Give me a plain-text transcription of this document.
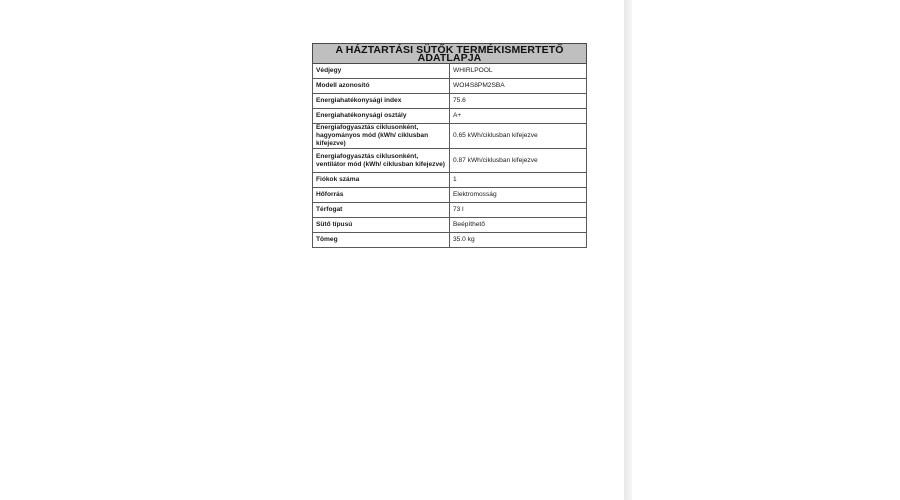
A HÁZTARTÁSI SÜTŐK TERMÉKISMERTETŐ ADATLAPJA	
Védjegy	WHIRLPOOL
Modell azonosító	WOI4S8PM2SBA
Energiahatékonysági index	75.6
Energiahatékonysági osztály	A+
Energiafogyasztás ciklusonként, hagyományos mód (kWh/ ciklusban kifejezve)	0.65 kWh/ciklusban kifejezve
Energiafogyasztás ciklusonként, ventilátor mód (kWh/ ciklusban kifejezve)	0.87 kWh/ciklusban kifejezve
Fiókok száma	1
Hőforrás	Elektromosság
Térfogat	73 l
Sütő típusú	Beépíthető
Tömeg	35.0 kg
